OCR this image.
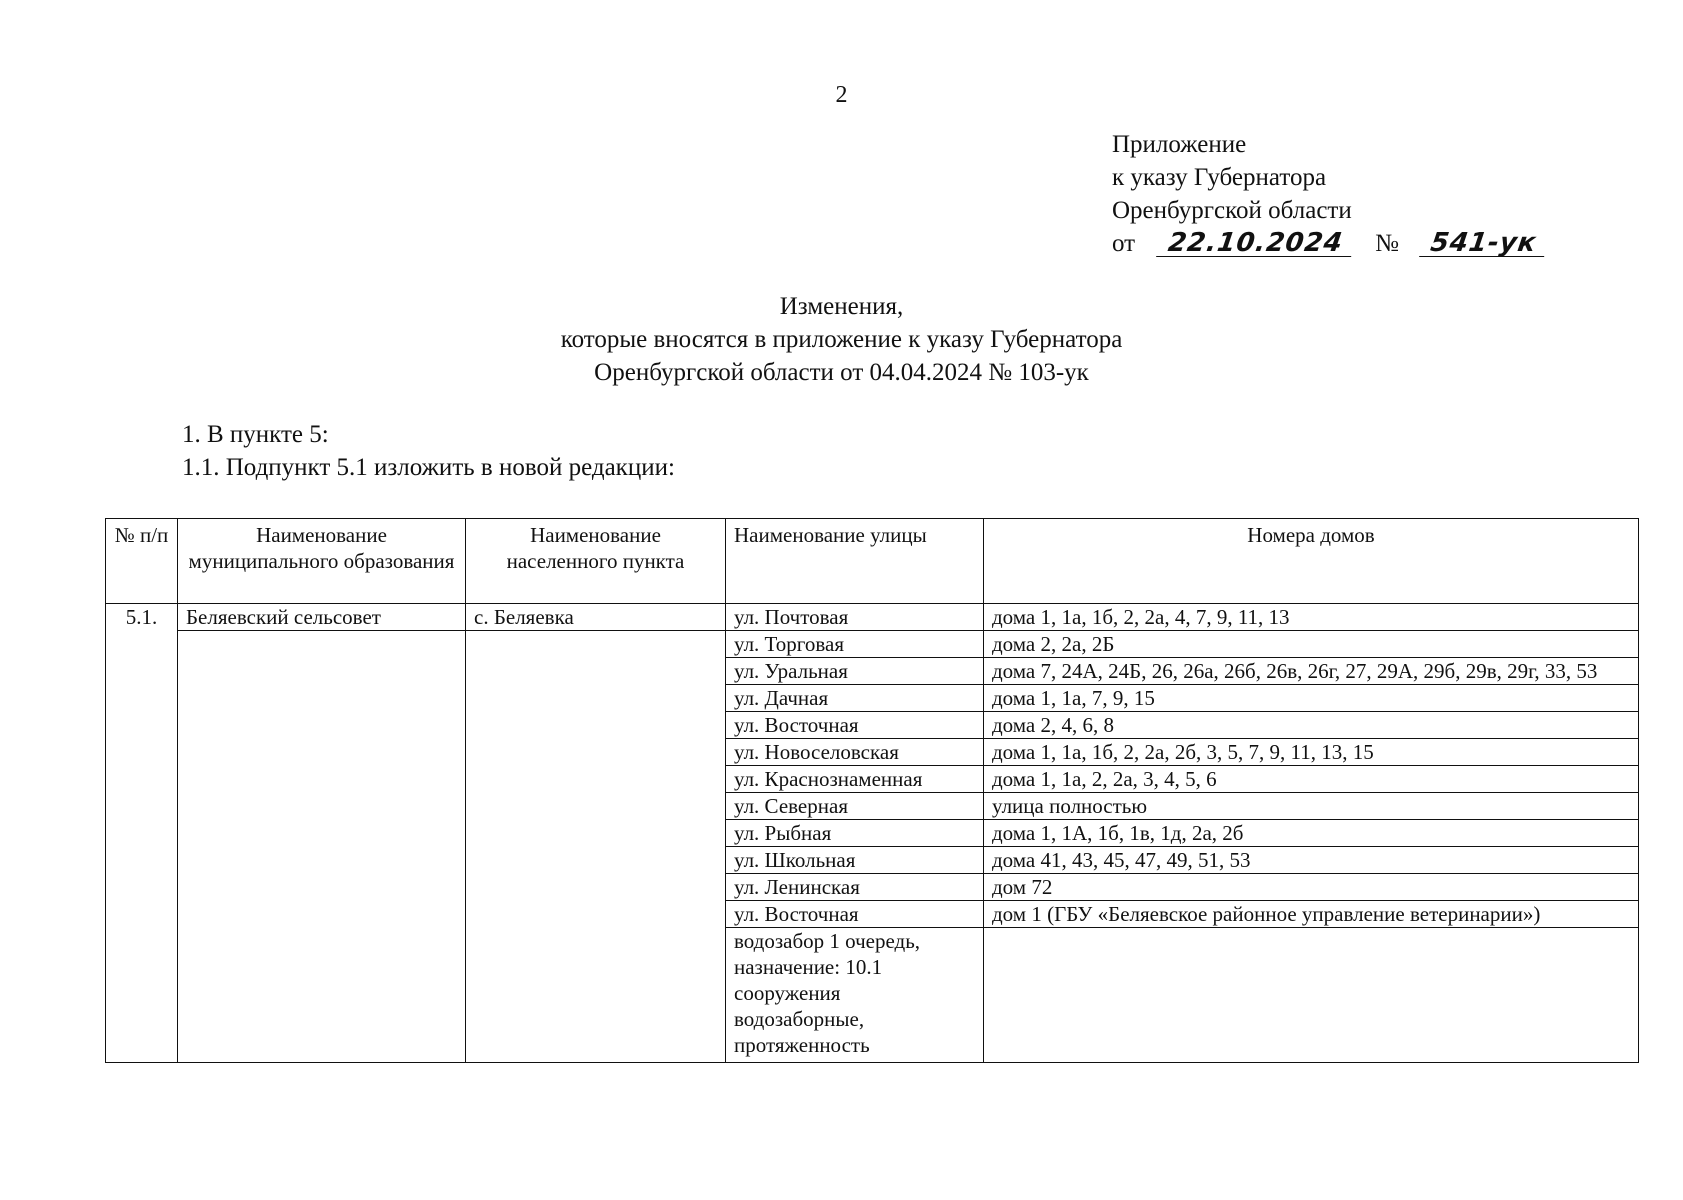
2
Приложение
к указу Губернатора
Оренбургской области
от 22.10.2024 № 541-ук
Изменения,
которые вносятся в приложение к указу Губернатора
Оренбургской области от 04.04.2024 № 103-ук
1. В пункте 5:
1.1. Подпункт 5.1 изложить в новой редакции:
№ п/п	Наименование муниципального образования	Наименование населенного пункта	Наименование улицы	Номера домов
5.1.	Беляевский сельсовет	с. Беляевка	ул. Почтовая	дома 1, 1а, 1б, 2, 2а, 4, 7, 9, 11, 13
			ул. Торговая	дома 2, 2а, 2Б
			ул. Уральная	дома 7, 24А, 24Б, 26, 26а, 26б, 26в, 26г, 27, 29А, 29б, 29в, 29г, 33, 53
			ул. Дачная	дома 1, 1а, 7, 9, 15
			ул. Восточная	дома 2, 4, 6, 8
			ул. Новоселовская	дома 1, 1а, 1б, 2, 2а, 2б, 3, 5, 7, 9, 11, 13, 15
			ул. Краснознаменная	дома 1, 1а, 2, 2а, 3, 4, 5, 6
			ул. Северная	улица полностью
			ул. Рыбная	дома 1, 1А, 1б, 1в, 1д, 2а, 2б
			ул. Школьная	дома 41, 43, 45, 47, 49, 51, 53
			ул. Ленинская	дом 72
			ул. Восточная	дом 1 (ГБУ «Беляевское районное управление ветеринарии»)
			водозабор 1 очередь, назначение: 10.1 сооружения водозаборные, протяженность	
